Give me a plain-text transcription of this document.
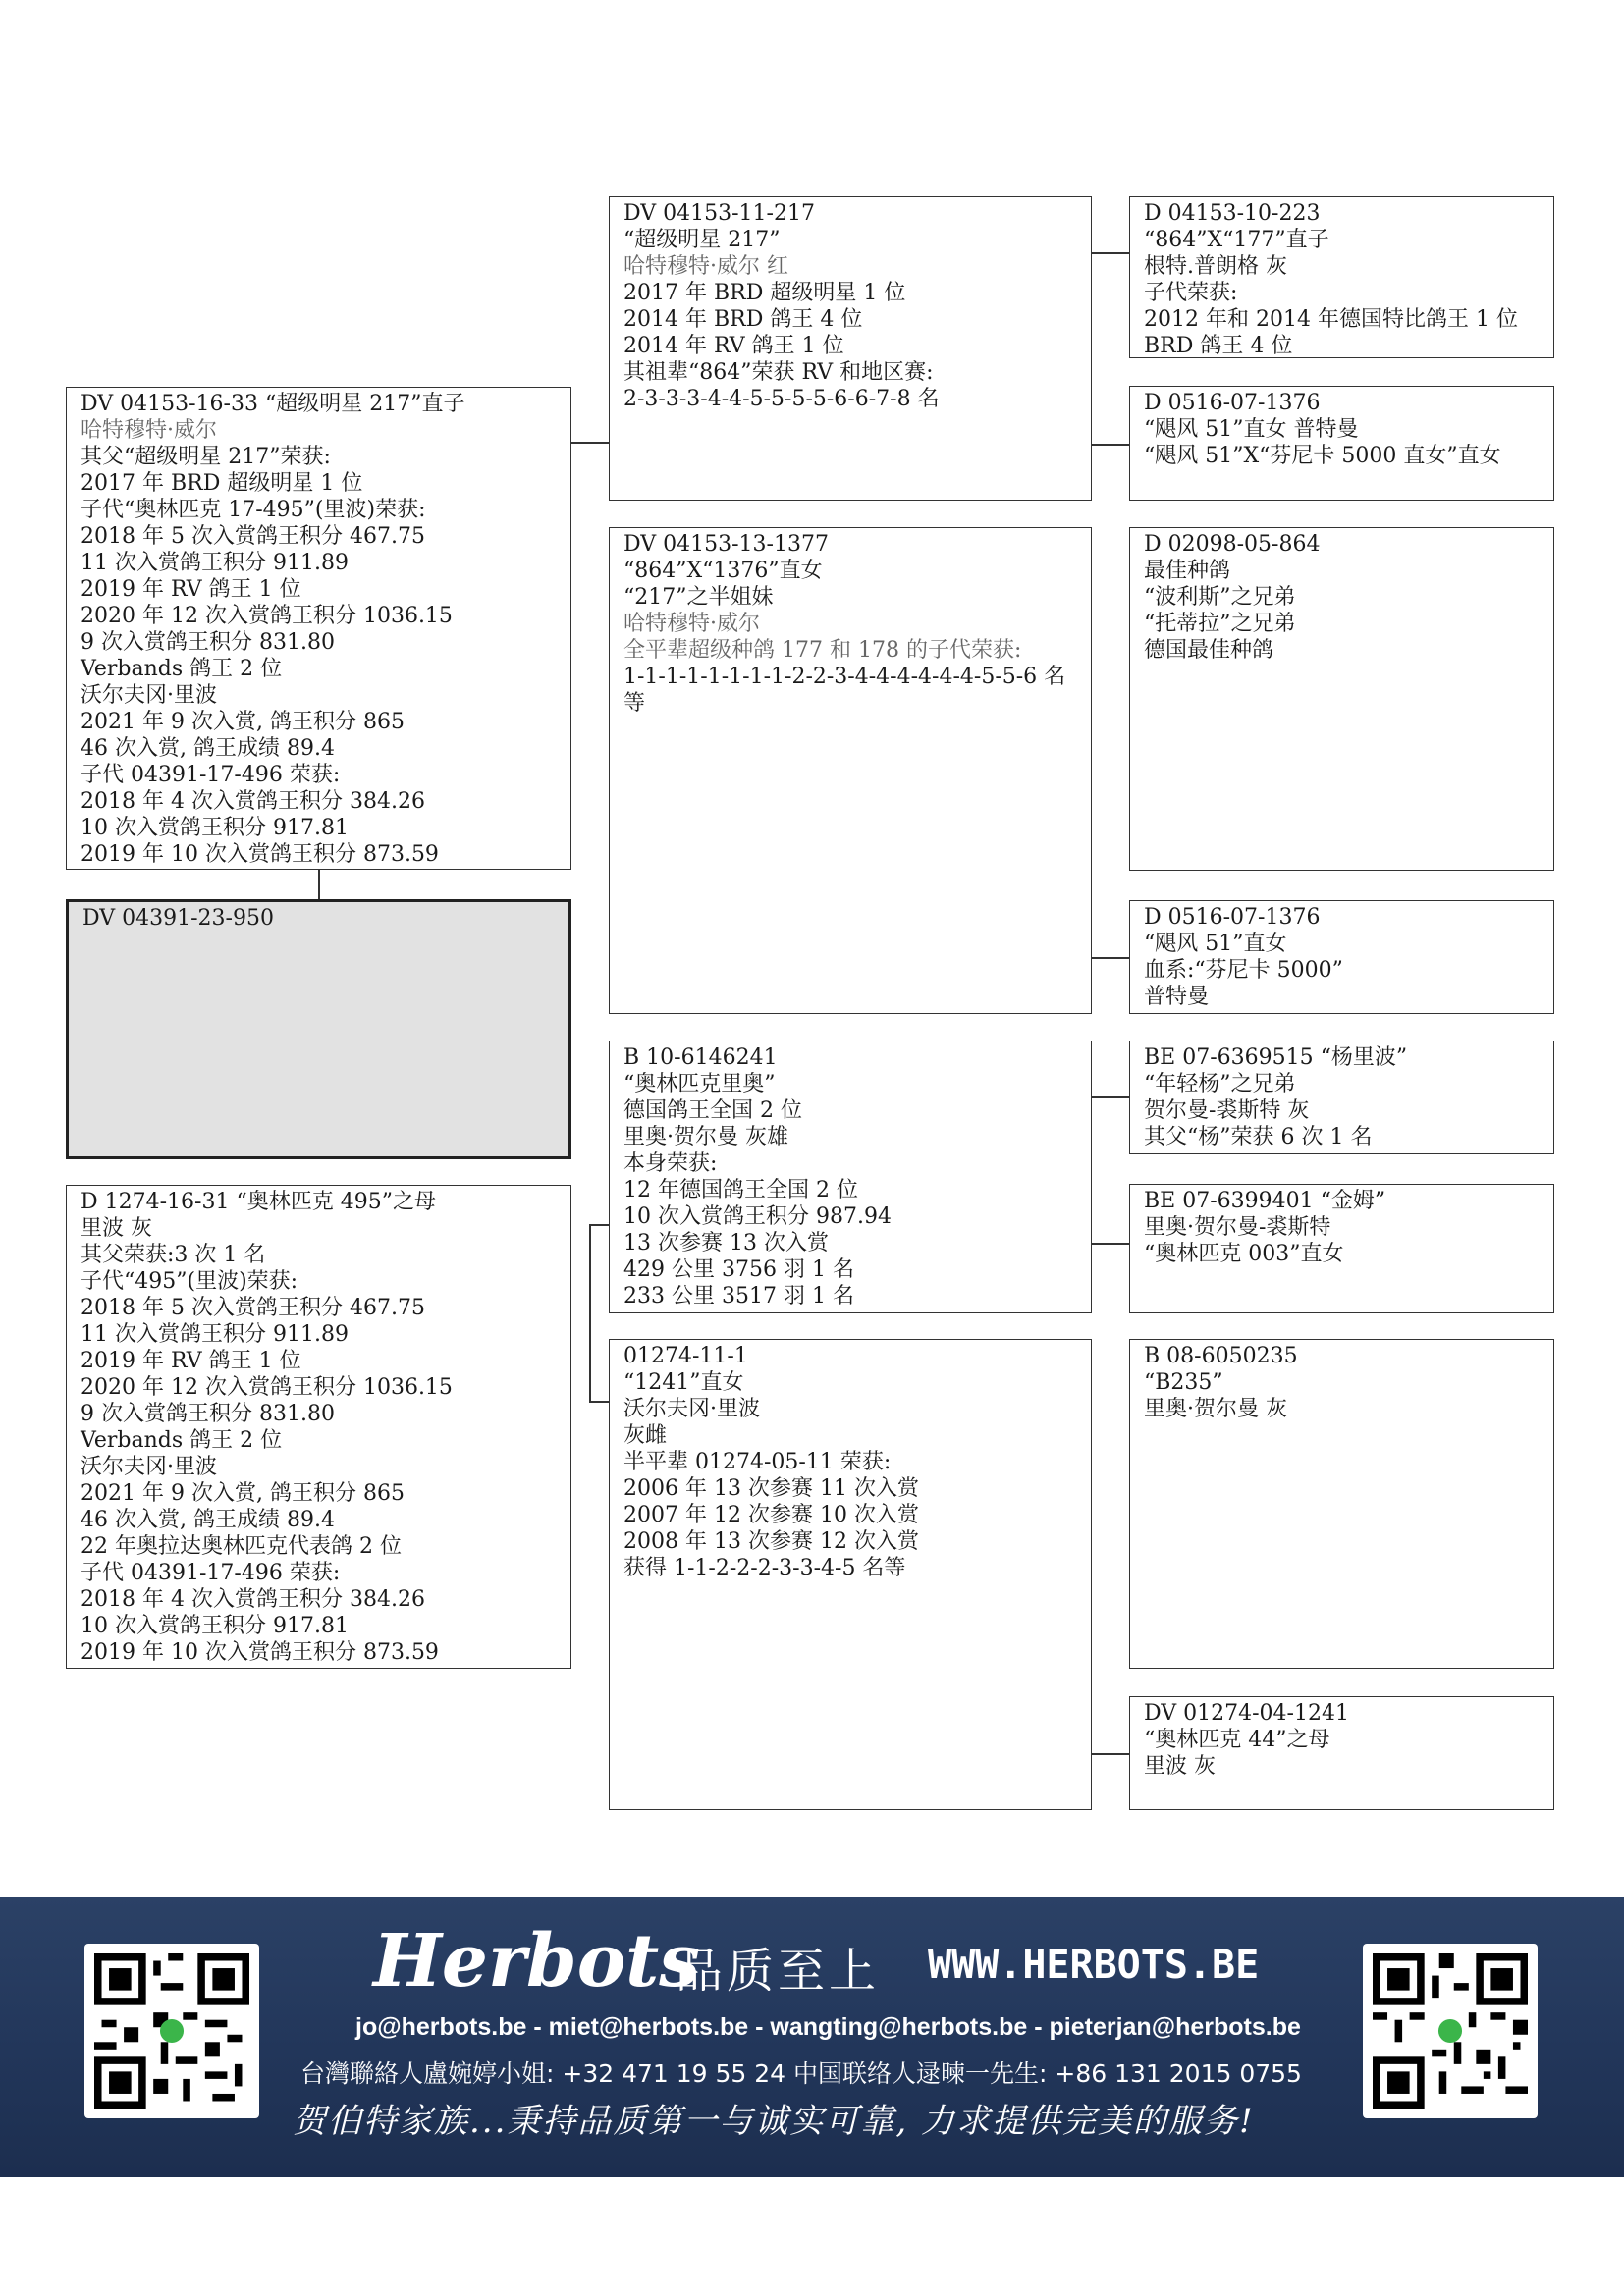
DV 04391-23-950
DV 04153-16-33 “超级明星 217”直子
哈特穆特·威尔
其父“超级明星 217”荣获:
2017 年 BRD 超级明星 1 位
子代“奥林匹克 17-495”(里波)荣获:
2018 年 5 次入赏鸽王积分 467.75
11 次入赏鸽王积分 911.89
2019 年 RV 鸽王 1 位
2020 年 12 次入赏鸽王积分 1036.15
9 次入赏鸽王积分 831.80
Verbands 鸽王 2 位
沃尔夫冈·里波
2021 年 9 次入赏, 鸽王积分 865
46 次入赏, 鸽王成绩 89.4
子代 04391-17-496 荣获:
2018 年 4 次入赏鸽王积分 384.26
10 次入赏鸽王积分 917.81
2019 年 10 次入赏鸽王积分 873.59
D 1274-16-31 “奥林匹克 495”之母
里波 灰
其父荣获:3 次 1 名
子代“495”(里波)荣获:
2018 年 5 次入赏鸽王积分 467.75
11 次入赏鸽王积分 911.89
2019 年 RV 鸽王 1 位
2020 年 12 次入赏鸽王积分 1036.15
9 次入赏鸽王积分 831.80
Verbands 鸽王 2 位
沃尔夫冈·里波
2021 年 9 次入赏, 鸽王积分 865
46 次入赏, 鸽王成绩 89.4
22 年奥拉达奥林匹克代表鸽 2 位
子代 04391-17-496 荣获:
2018 年 4 次入赏鸽王积分 384.26
10 次入赏鸽王积分 917.81
2019 年 10 次入赏鸽王积分 873.59
DV 04153-11-217
“超级明星 217”
哈特穆特·威尔 红
2017 年 BRD 超级明星 1 位
2014 年 BRD 鸽王 4 位
2014 年 RV 鸽王 1 位
其祖辈“864”荣获 RV 和地区赛:
2-3-3-3-4-4-5-5-5-5-6-6-7-8 名
DV 04153-13-1377
“864”X“1376”直女
“217”之半姐妹
哈特穆特·威尔
全平辈超级种鸽 177 和 178 的子代荣获:
1-1-1-1-1-1-1-1-2-2-3-4-4-4-4-4-4-5-5-6 名等
B 10-6146241
“奥林匹克里奥”
德国鸽王全国 2 位
里奥·贺尔曼 灰雄
本身荣获:
12 年德国鸽王全国 2 位
10 次入赏鸽王积分 987.94
13 次参赛 13 次入赏
429 公里 3756 羽 1 名
233 公里 3517 羽 1 名
01274-11-1
“1241”直女
沃尔夫冈·里波
灰雌
半平辈 01274-05-11 荣获:
2006 年 13 次参赛 11 次入赏
2007 年 12 次参赛 10 次入赏
2008 年 13 次参赛 12 次入赏
获得 1-1-2-2-2-3-3-4-5 名等
D 04153-10-223
“864”X“177”直子
根特.普朗格 灰
子代荣获:
2012 年和 2014 年德国特比鸽王 1 位
BRD 鸽王 4 位
D 0516-07-1376
“飓风 51”直女 普特曼
“飓风 51”X“芬尼卡 5000 直女”直女
D 02098-05-864
最佳种鸽
“波利斯”之兄弟
“托蒂拉”之兄弟
德国最佳种鸽
D 0516-07-1376
“飓风 51”直女
血系:“芬尼卡 5000”
普特曼
BE 07-6369515 “杨里波”
“年轻杨”之兄弟
贺尔曼-裘斯特 灰
其父“杨”荣获 6 次 1 名
BE 07-6399401 “金姆”
里奥·贺尔曼-裘斯特
“奥林匹克 003”直女
B 08-6050235
“B235”
里奥·贺尔曼 灰
DV 01274-04-1241
“奥林匹克 44”之母
里波 灰
Herbots
品质至上 WWW.HERBOTS.BE
jo@herbots.be - miet@herbots.be - wangting@herbots.be - pieterjan@herbots.be
台灣聯絡人盧婉婷小姐: +32 471 19 55 24 中国联络人逯暕一先生: +86 131 2015 0755
贺伯特家族...秉持品质第一与诚实可靠, 力求提供完美的服务!
